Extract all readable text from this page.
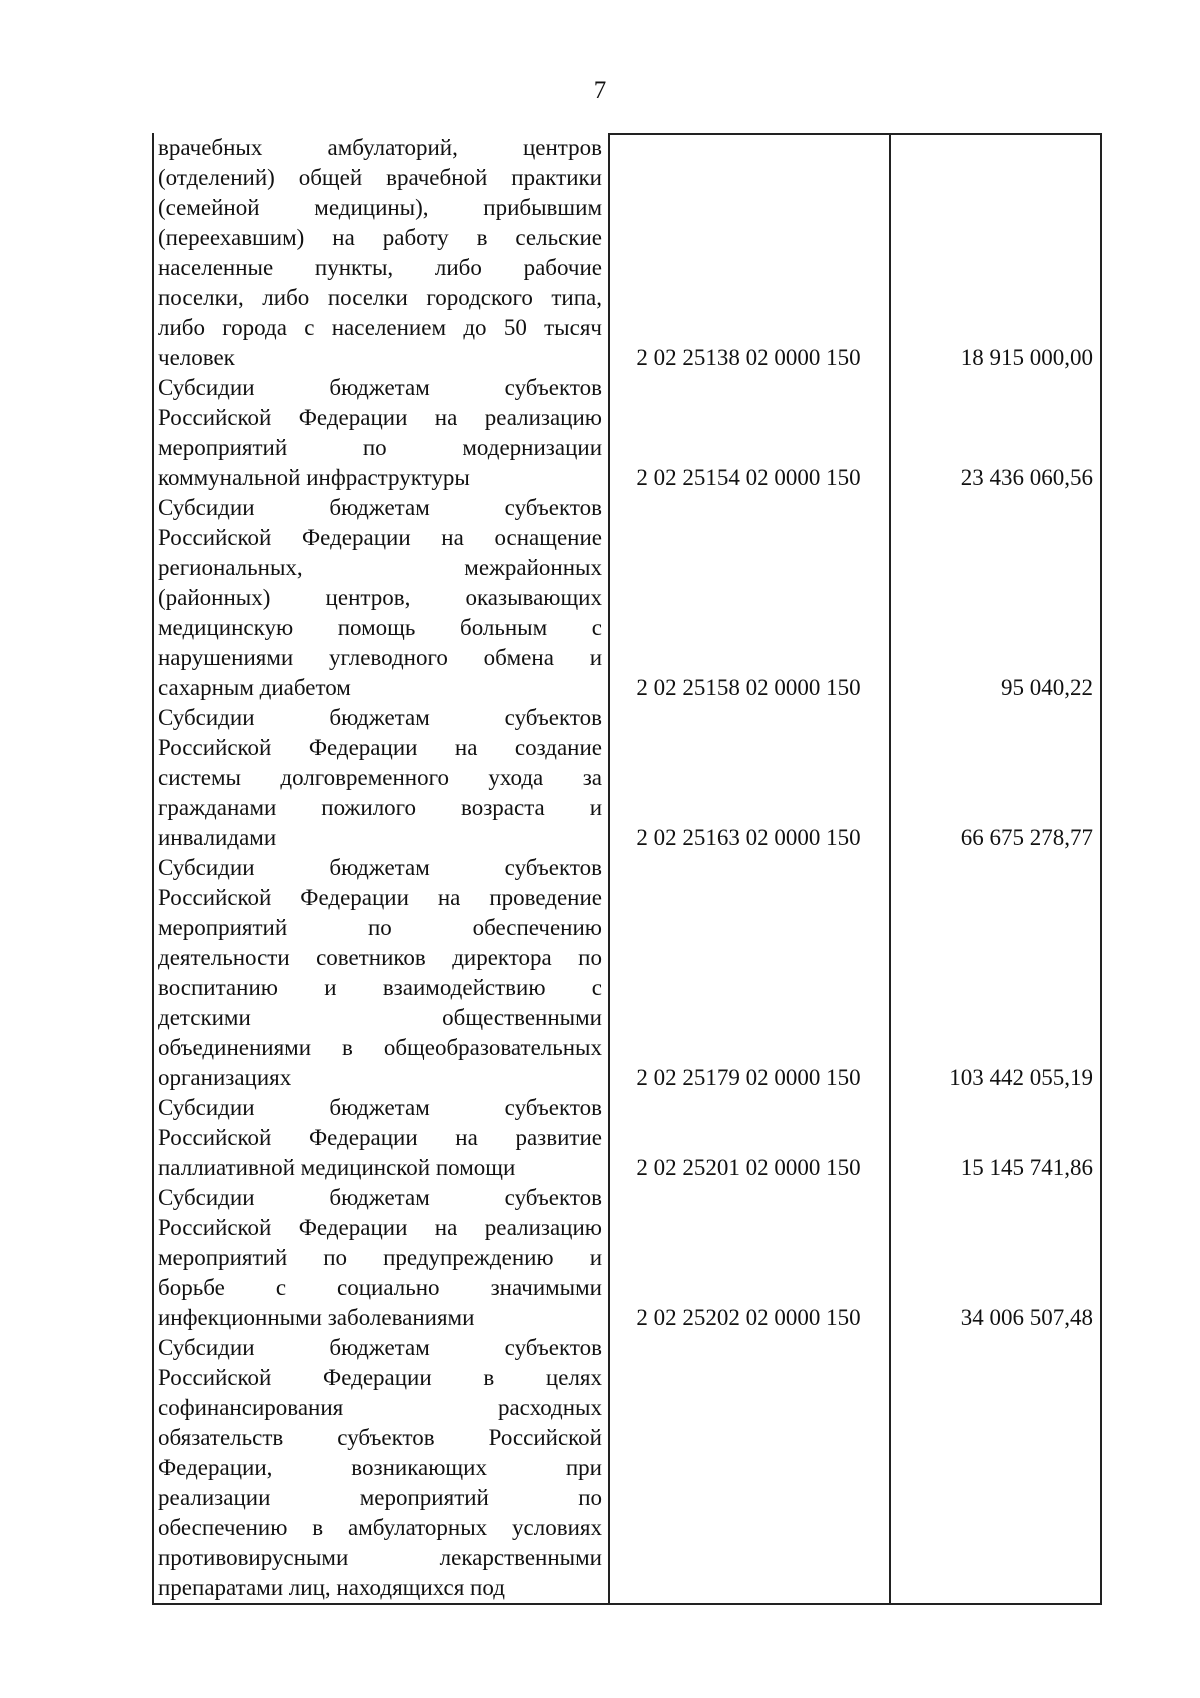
7
врачебных амбулаторий, центров
(отделений) общей врачебной практики
(семейной медицины), прибывшим
(переехавшим) на работу в сельские
населенные пункты, либо рабочие
поселки, либо поселки городского типа,
либо города с населением до 50 тысяч
человек	2 02 25138 02 0000 150	18 915 000,00
Субсидии бюджетам субъектов
Российской Федерации на реализацию
мероприятий по модернизации
коммунальной инфраструктуры	2 02 25154 02 0000 150	23 436 060,56
Субсидии бюджетам субъектов
Российской Федерации на оснащение
региональных, межрайонных
(районных) центров, оказывающих
медицинскую помощь больным с
нарушениями углеводного обмена и
сахарным диабетом	2 02 25158 02 0000 150	95 040,22
Субсидии бюджетам субъектов
Российской Федерации на создание
системы долговременного ухода за
гражданами пожилого возраста и
инвалидами	2 02 25163 02 0000 150	66 675 278,77
Субсидии бюджетам субъектов
Российской Федерации на проведение
мероприятий по обеспечению
деятельности советников директора по
воспитанию и взаимодействию с
детскими общественными
объединениями в общеобразовательных
организациях	2 02 25179 02 0000 150	103 442 055,19
Субсидии бюджетам субъектов
Российской Федерации на развитие
паллиативной медицинской помощи	2 02 25201 02 0000 150	15 145 741,86
Субсидии бюджетам субъектов
Российской Федерации на реализацию
мероприятий по предупреждению и
борьбе с социально значимыми
инфекционными заболеваниями	2 02 25202 02 0000 150	34 006 507,48
Субсидии бюджетам субъектов
Российской Федерации в целях
софинансирования расходных
обязательств субъектов Российской
Федерации, возникающих при
реализации мероприятий по
обеспечению в амбулаторных условиях
противовирусными лекарственными
препаратами лиц, находящихся под
